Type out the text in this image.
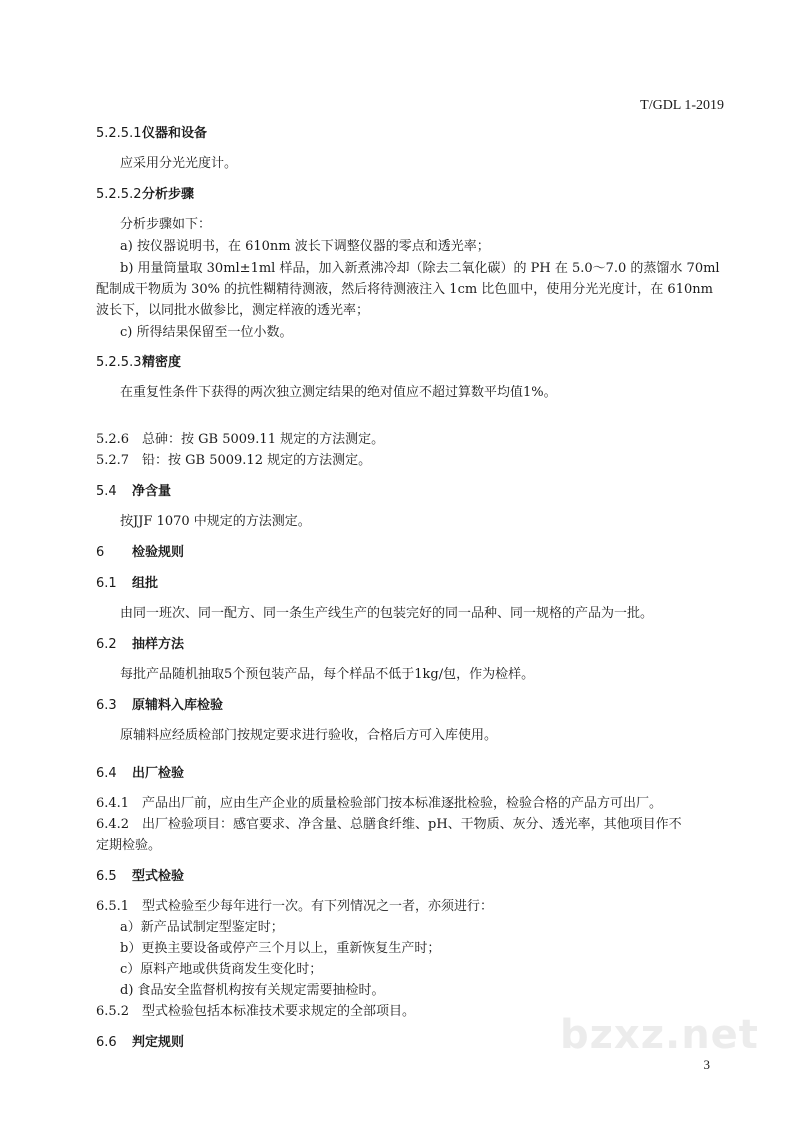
T/GDL 1-2019
5.2.5.1仪器和设备
应采用分光光度计。
5.2.5.2分析步骤
分析步骤如下：
a) 按仪器说明书，在 610nm 波长下调整仪器的零点和透光率；
b) 用量筒量取 30ml±1ml 样品，加入新煮沸冷却（除去二氧化碳）的 PH 在 5.0～7.0 的蒸馏水 70ml
配制成干物质为 30% 的抗性糊精待测液，然后将待测液注入 1cm 比色皿中，使用分光光度计，在 610nm
波长下，以同批水做参比，测定样液的透光率；
c) 所得结果保留至一位小数。
5.2.5.3精密度
在重复性条件下获得的两次独立测定结果的绝对值应不超过算数平均值1%。
5.2.6 总砷：按 GB 5009.11 规定的方法测定。
5.2.7 铅：按 GB 5009.12 规定的方法测定。
5.4 净含量
按JJF 1070 中规定的方法测定。
6 检验规则
6.1 组批
由同一班次、同一配方、同一条生产线生产的包装完好的同一品种、同一规格的产品为一批。
6.2 抽样方法
每批产品随机抽取5个预包装产品，每个样品不低于1kg/包，作为检样。
6.3 原辅料入库检验
原辅料应经质检部门按规定要求进行验收，合格后方可入库使用。
6.4 出厂检验
6.4.1 产品出厂前，应由生产企业的质量检验部门按本标准逐批检验，检验合格的产品方可出厂。
6.4.2 出厂检验项目：感官要求、净含量、总膳食纤维、pH、干物质、灰分、透光率，其他项目作不
定期检验。
6.5 型式检验
6.5.1 型式检验至少每年进行一次。有下列情况之一者，亦须进行：
a）新产品试制定型鉴定时；
b）更换主要设备或停产三个月以上，重新恢复生产时；
c）原料产地或供货商发生变化时；
d) 食品安全监督机构按有关规定需要抽检时。
6.5.2 型式检验包括本标准技术要求规定的全部项目。
6.6 判定规则	bzxz.net
3
